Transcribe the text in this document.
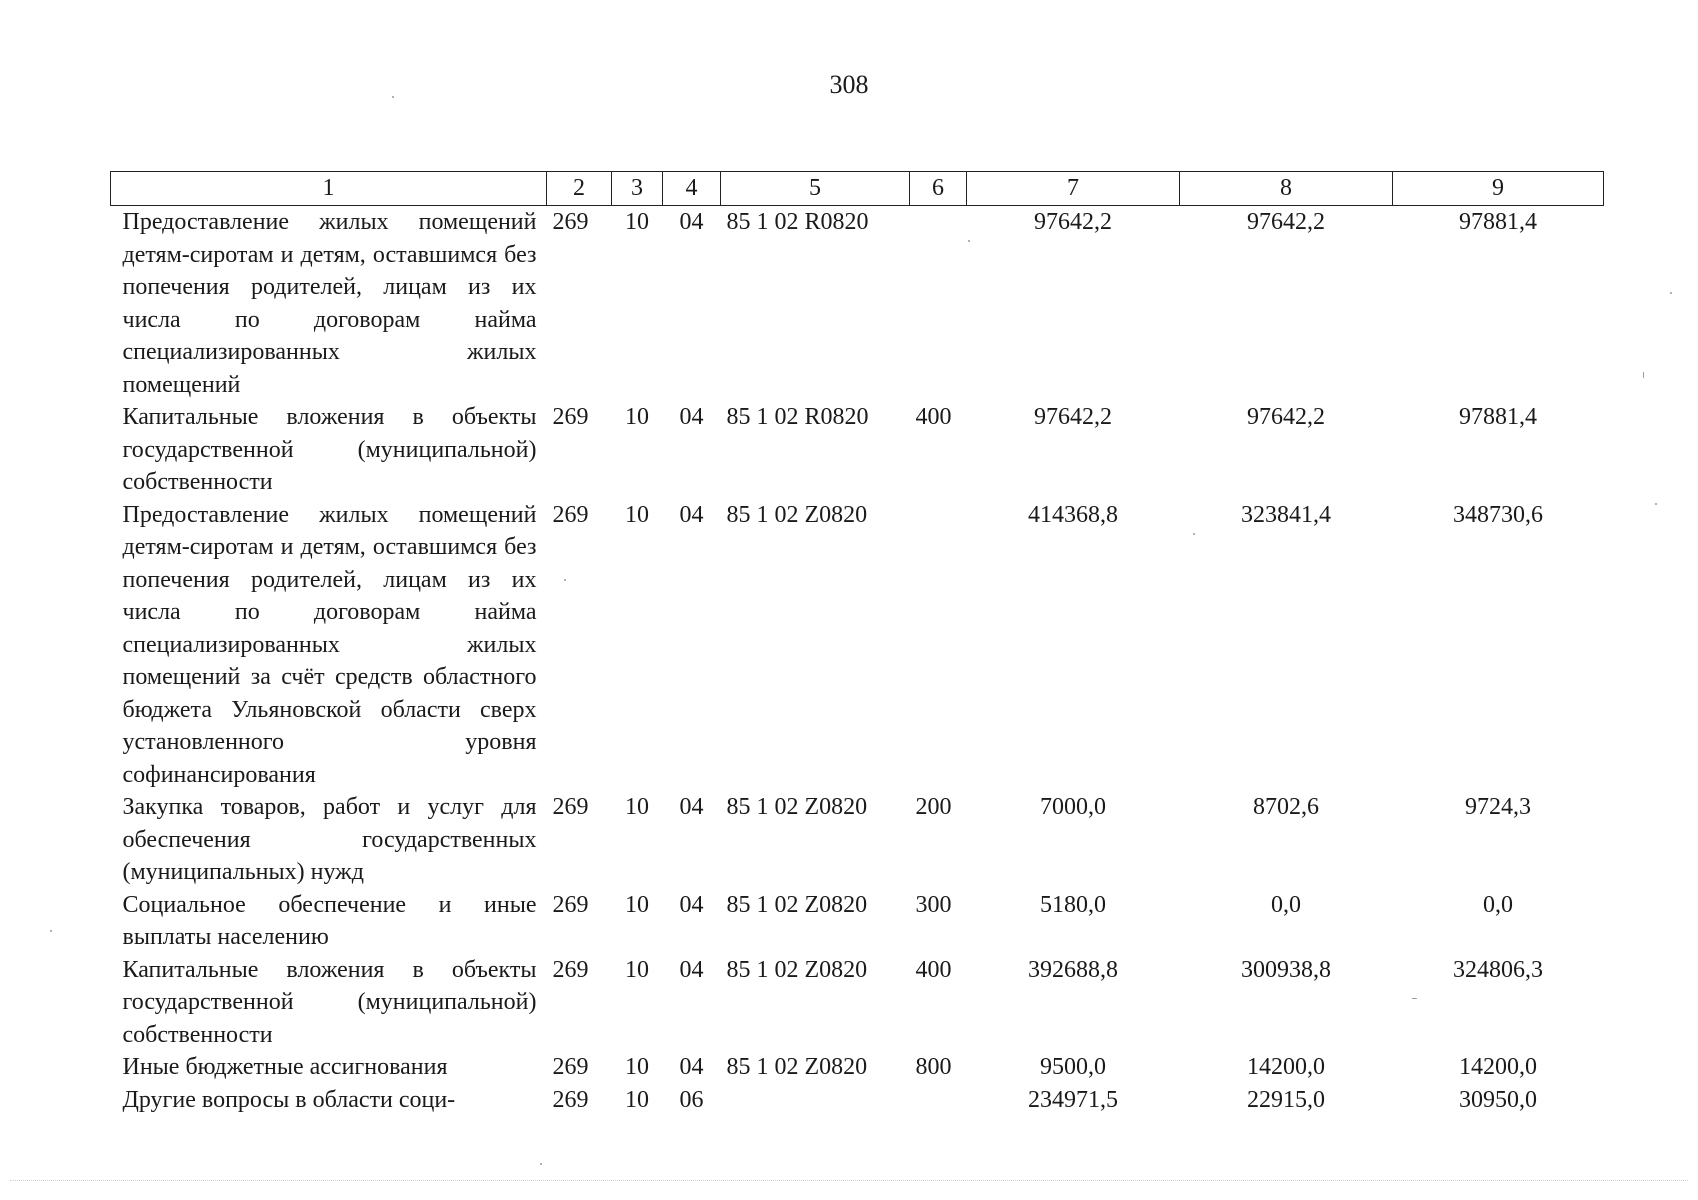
308
1	2	3	4	5	6	7	8	9
Предоставление жилых помещений детям-сиротам и детям, оставшимся без попечения родителей, лицам из их числа по договорам найма специализированных жилых помещений	269	10	04	85 1 02 R0820		97642,2	97642,2	97881,4
Капитальные вложения в объекты государственной (муниципальной) собственности	269	10	04	85 1 02 R0820	400	97642,2	97642,2	97881,4
Предоставление жилых помещений детям-сиротам и детям, оставшимся без попечения родителей, лицам из их числа по договорам найма специализированных жилых помещений за счёт средств областного бюджета Ульяновской области сверх установленного уровня софинансирования	269	10	04	85 1 02 Z0820		414368,8	323841,4	348730,6
Закупка товаров, работ и услуг для обеспечения государственных (муниципальных) нужд	269	10	04	85 1 02 Z0820	200	7000,0	8702,6	9724,3
Социальное обеспечение и иные выплаты населению	269	10	04	85 1 02 Z0820	300	5180,0	0,0	0,0
Капитальные вложения в объекты государственной (муниципальной) собственности	269	10	04	85 1 02 Z0820	400	392688,8	300938,8	324806,3
Иные бюджетные ассигнования	269	10	04	85 1 02 Z0820	800	9500,0	14200,0	14200,0
Другие вопросы в области соци-	269	10	06			234971,5	22915,0	30950,0
